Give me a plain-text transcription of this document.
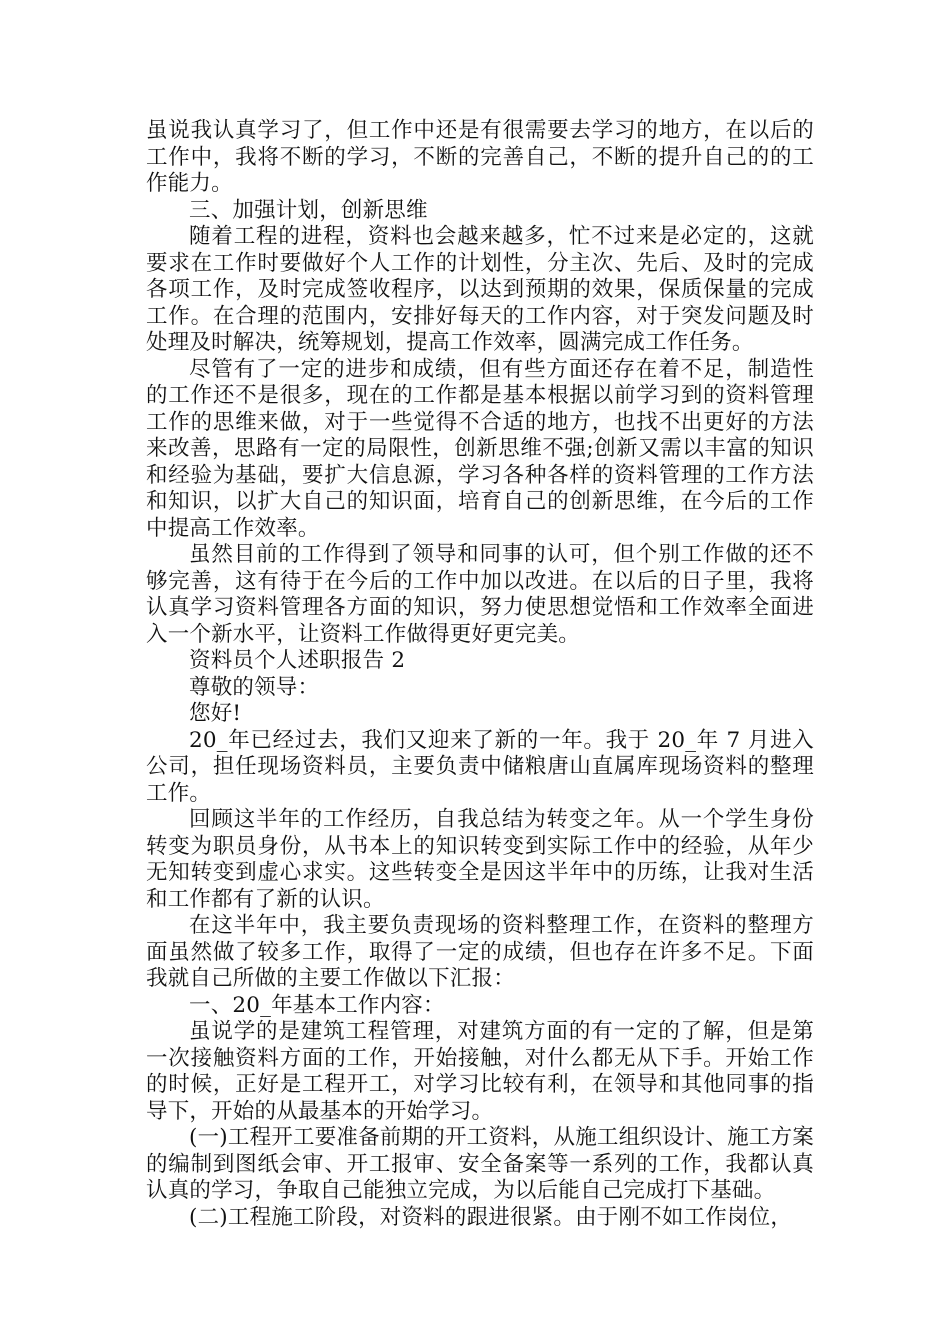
虽说我认真学习了，但工作中还是有很需要去学习的地方，在以后的工作中，我将不断的学习，不断的完善自己，不断的提升自己的的工作能力。

三、加强计划，创新思维

随着工程的进程，资料也会越来越多，忙不过来是必定的，这就要求在工作时要做好个人工作的计划性，分主次、先后、及时的完成各项工作，及时完成签收程序，以达到预期的效果，保质保量的完成工作。在合理的范围内，安排好每天的工作内容，对于突发问题及时处理及时解决，统筹规划，提高工作效率，圆满完成工作任务。

尽管有了一定的进步和成绩，但有些方面还存在着不足，制造性的工作还不是很多，现在的工作都是基本根据以前学习到的资料管理工作的思维来做，对于一些觉得不合适的地方，也找不出更好的方法来改善，思路有一定的局限性，创新思维不强;创新又需以丰富的知识和经验为基础，要扩大信息源，学习各种各样的资料管理的工作方法和知识，以扩大自己的知识面，培育自己的创新思维，在今后的工作中提高工作效率。

虽然目前的工作得到了领导和同事的认可，但个别工作做的还不够完善，这有待于在今后的工作中加以改进。在以后的日子里，我将认真学习资料管理各方面的知识，努力使思想觉悟和工作效率全面进入一个新水平，让资料工作做得更好更完美。

资料员个人述职报告 2

尊敬的领导：

您好!

20_年已经过去，我们又迎来了新的一年。我于 20_年 7 月进入公司，担任现场资料员，主要负责中储粮唐山直属库现场资料的整理工作。

回顾这半年的工作经历，自我总结为转变之年。从一个学生身份转变为职员身份，从书本上的知识转变到实际工作中的经验，从年少无知转变到虚心求实。这些转变全是因这半年中的历练，让我对生活和工作都有了新的认识。

在这半年中，我主要负责现场的资料整理工作，在资料的整理方面虽然做了较多工作，取得了一定的成绩，但也存在许多不足。下面我就自己所做的主要工作做以下汇报：

一、20_年基本工作内容：

虽说学的是建筑工程管理，对建筑方面的有一定的了解，但是第一次接触资料方面的工作，开始接触，对什么都无从下手。开始工作的时候，正好是工程开工，对学习比较有利，在领导和其他同事的指导下，开始的从最基本的开始学习。

(一)工程开工要准备前期的开工资料，从施工组织设计、施工方案的编制到图纸会审、开工报审、安全备案等一系列的工作，我都认真认真的学习，争取自己能独立完成，为以后能自己完成打下基础。

(二)工程施工阶段，对资料的跟进很紧。由于刚不如工作岗位，
